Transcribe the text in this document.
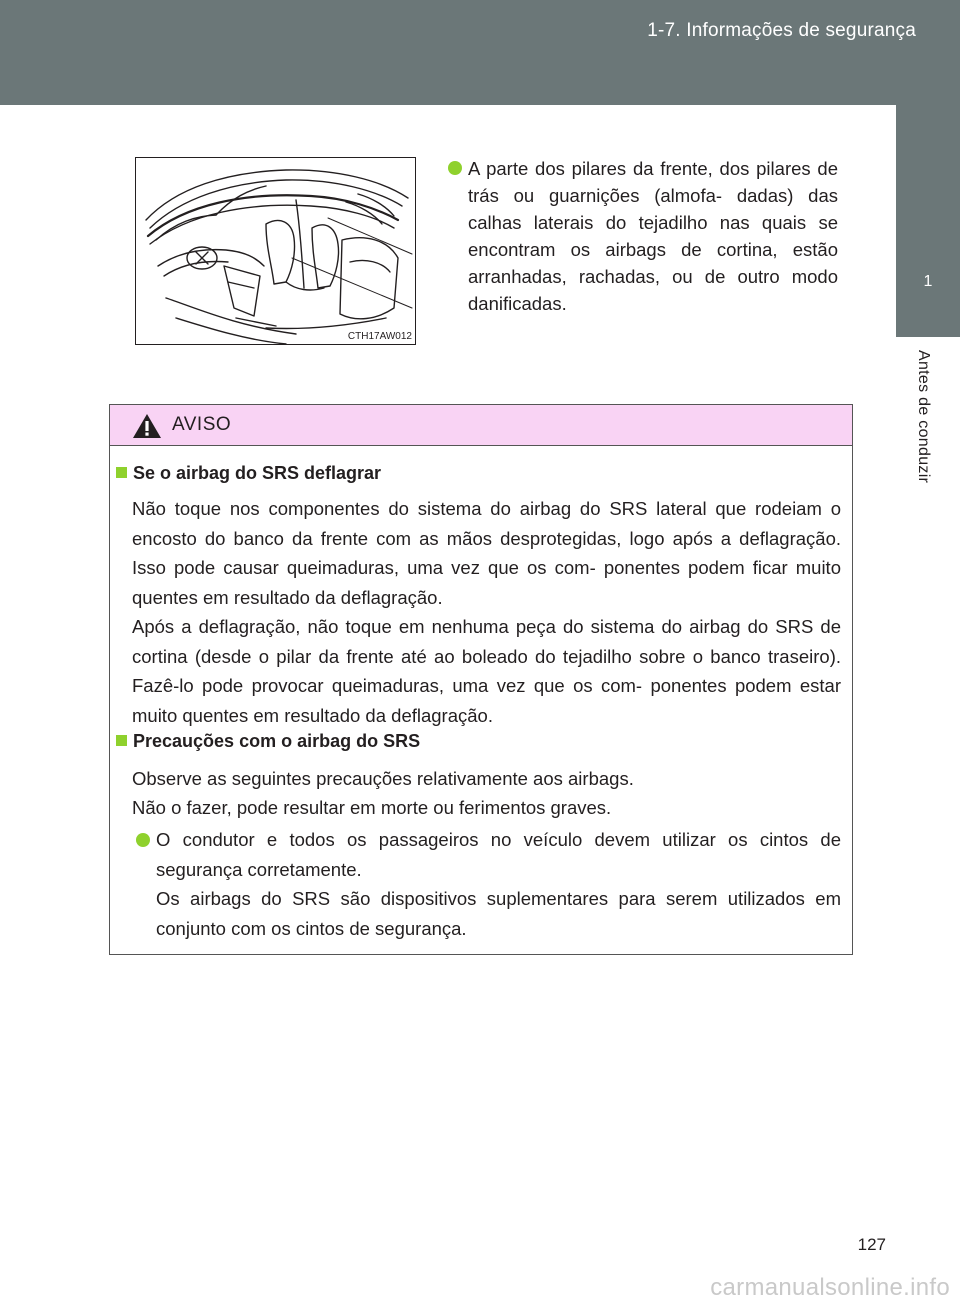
1-7. Informações de segurança
1
Antes de conduzir
CTH17AW012
A parte dos pilares da frente, dos pilares de trás ou guarnições (almofa- dadas) das calhas laterais do tejadilho nas quais se encontram os airbags de cortina, estão arranhadas, rachadas, ou de outro modo danificadas.
AVISO
Se o airbag do SRS deflagrar
Não toque nos componentes do sistema do airbag do SRS lateral que rodeiam o encosto do banco da frente com as mãos desprotegidas, logo após a deflagração. Isso pode causar queimaduras, uma vez que os com- ponentes podem ficar muito quentes em resultado da deflagração.
Após a deflagração, não toque em nenhuma peça do sistema do airbag do SRS de cortina (desde o pilar da frente até ao boleado do tejadilho sobre o banco traseiro). Fazê-lo pode provocar queimaduras, uma vez que os com- ponentes podem estar muito quentes em resultado da deflagração.
Precauções com o airbag do SRS
Observe as seguintes precauções relativamente aos airbags.
Não o fazer, pode resultar em morte ou ferimentos graves.
O condutor e todos os passageiros no veículo devem utilizar os cintos de segurança corretamente.
Os airbags do SRS são dispositivos suplementares para serem utilizados em conjunto com os cintos de segurança.
127
carmanualsonline.info
